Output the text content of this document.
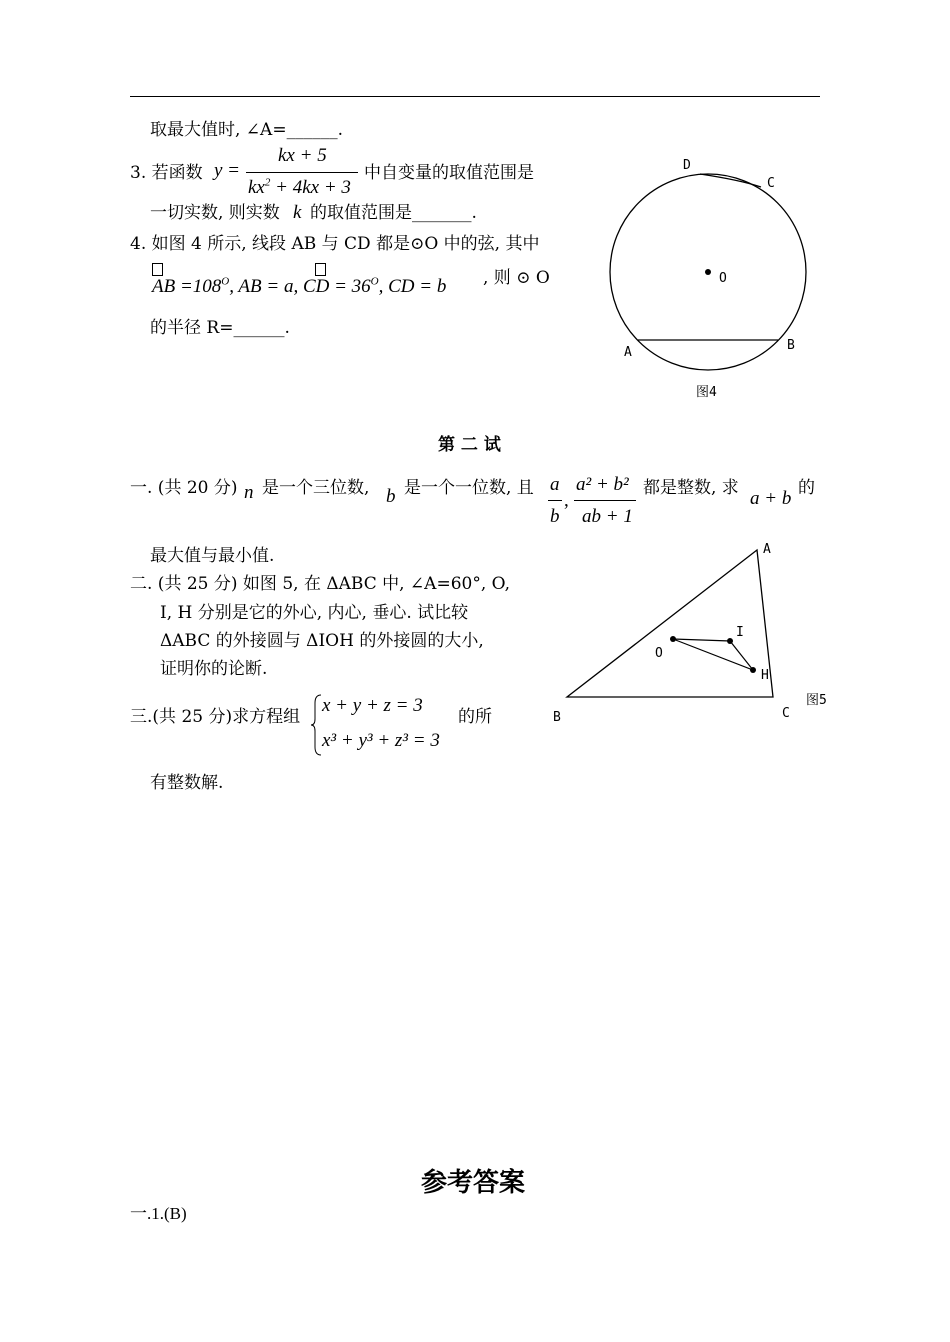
取最大值时, ∠A=______.
3. 若函数 y =
kx + 5
$kx^2 + 4kx + 3$
中自变量的取值范围是
一切实数, 则实数 k 的取值范围是_______.
4. 如图 4 所示, 线段 AB 与 CD 都是⊙O 中的弦, 其中
AB $=108^O$, AB = a, CD = $36^O$, CD = b , 则 ⊙ O
的半径 R=______.
D
C
O
A	B
图4
第 二 试
一. (共 20 分) n 是一个三位数, b 是一个一位数, 且 a
b
,
a² + b²
ab + 1
都是整数, 求 a + b 的
最大值与最小值.
二. (共 25 分) 如图 5, 在 ΔABC 中, ∠A=60°, O,
I, H 分别是它的外心, 内心, 垂心. 试比较
ΔABC 的外接圆与 ΔIOH 的外接圆的大小,
证明你的论断.
A
B	C
O
I
H
图5
三.(共 25 分)求方程组
x + y + z = 3
x³ + y³ + z³ = 3
的所
有整数解.
参考答案
一.1.(B)
